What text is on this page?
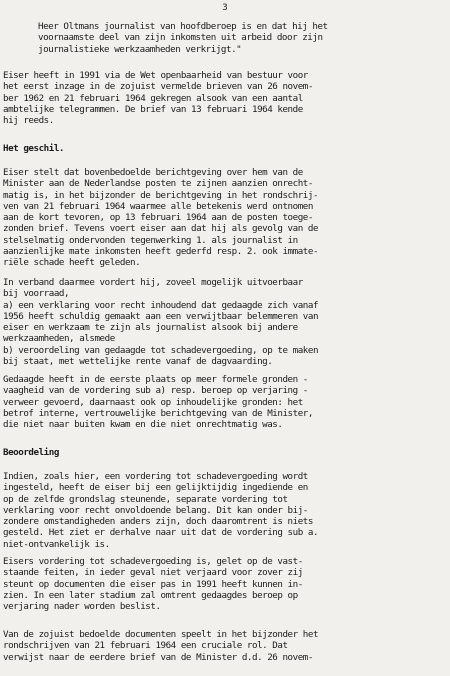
3
Heer Oltmans journalist van hoofdberoep is en dat hij het
voornaamste deel van zijn inkomsten uit arbeid door zijn
journalistieke werkzaamheden verkrijgt."
Eiser heeft in 1991 via de Wet openbaarheid van bestuur voor
het eerst inzage in de zojuist vermelde brieven van 26 novem-
ber 1962 en 21 februari 1964 gekregen alsook van een aantal
ambtelijke telegrammen. De brief van 13 februari 1964 kende
hij reeds.
Het geschil.
Eiser stelt dat bovenbedoelde berichtgeving over hem van de
Minister aan de Nederlandse posten te zijnen aanzien onrecht-
matig is, in het bijzonder de berichtgeving in het rondschrij-
ven van 21 februari 1964 waarmee alle betekenis werd ontnomen
aan de kort tevoren, op 13 februari 1964 aan de posten toege-
zonden brief. Tevens voert eiser aan dat hij als gevolg van de
stelselmatig ondervonden tegenwerking 1. als journalist in
aanzienlijke mate inkomsten heeft gederfd resp. 2. ook immate-
riële schade heeft geleden.
In verband daarmee vordert hij, zoveel mogelijk uitvoerbaar
bij voorraad,
a) een verklaring voor recht inhoudend dat gedaagde zich vanaf
1956 heeft schuldig gemaakt aan een verwijtbaar belemmeren van
eiser en werkzaam te zijn als journalist alsook bij andere
werkzaamheden, alsmede
b) veroordeling van gedaagde tot schadevergoeding, op te maken
bij staat, met wettelijke rente vanaf de dagvaarding.
Gedaagde heeft in de eerste plaats op meer formele gronden -
vaagheid van de vordering sub a) resp. beroep op verjaring -
verweer gevoerd, daarnaast ook op inhoudelijke gronden: het
betrof interne, vertrouwelijke berichtgeving van de Minister,
die niet naar buiten kwam en die niet onrechtmatig was.
Beoordeling
Indien, zoals hier, een vordering tot schadevergoeding wordt
ingesteld, heeft de eiser bij een gelijktijdig ingediende en
op de zelfde grondslag steunende, separate vordering tot
verklaring voor recht onvoldoende belang. Dit kan onder bij-
zondere omstandigheden anders zijn, doch daaromtrent is niets
gesteld. Het ziet er derhalve naar uit dat de vordering sub a.
niet-ontvankelijk is.
Eisers vordering tot schadevergoeding is, gelet op de vast-
staande feiten, in ieder geval niet verjaard voor zover zij
steunt op documenten die eiser pas in 1991 heeft kunnen in-
zien. In een later stadium zal omtrent gedaagdes beroep op
verjaring nader worden beslist.
Van de zojuist bedoelde documenten speelt in het bijzonder het
rondschrijven van 21 februari 1964 een cruciale rol. Dat
verwijst naar de eerdere brief van de Minister d.d. 26 novem-
